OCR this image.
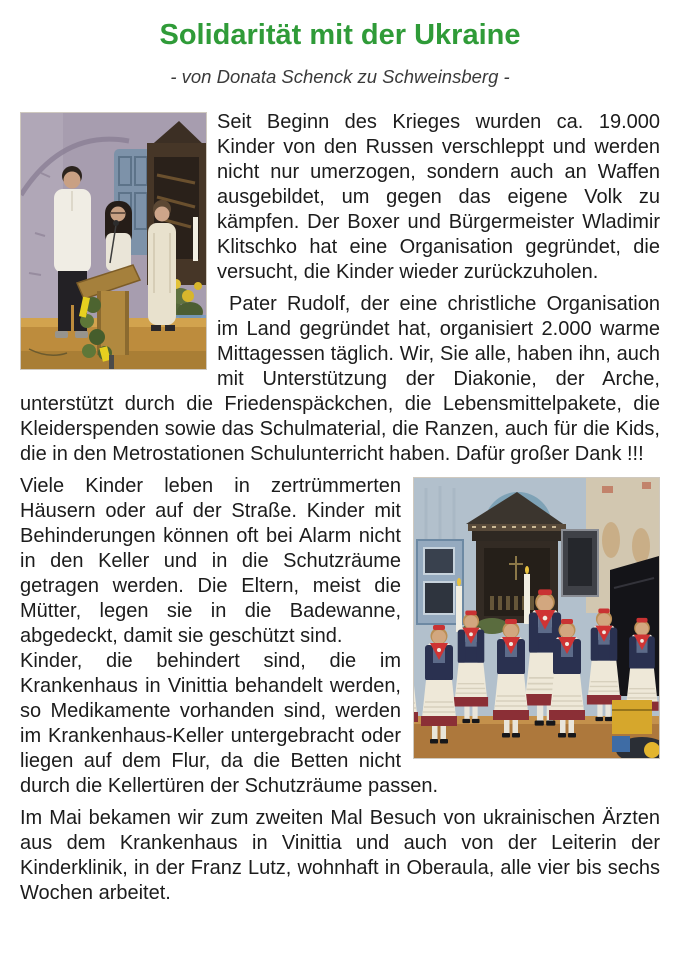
Solidarität mit der Ukraine
- von Donata Schenck zu Schweinsberg -

Seit Beginn des Krieges wurden ca. 19.000 Kinder von den Russen verschleppt und werden nicht nur umerzogen, sondern auch an Waffen ausgebildet, um gegen das eigene Volk zu kämpfen. Der Boxer und Bürgermeister Wladimir Klitschko hat eine Organisation gegründet, die versucht, die Kinder wieder zurückzuholen.

Pater Rudolf, der eine christliche Organisation im Land gegründet hat, organisiert 2.000 warme Mittagessen täglich. Wir, Sie alle, haben ihn, auch mit Unterstützung der Diakonie, der Arche, unterstützt durch die Friedenspäckchen, die Lebensmittelpakete, die Kleiderspenden sowie das Schulmaterial, die Ranzen, auch für die Kids, die in den Metrostationen Schulunterricht haben. Dafür großer Dank !!!

Viele Kinder leben in zertrümmerten Häusern oder auf der Straße. Kinder mit Behinderungen können oft bei Alarm nicht in den Keller und in die Schutzräume getragen werden. Die Eltern, meist die Mütter, legen sie in die Badewanne, abgedeckt, damit sie geschützt sind.

Kinder, die behindert sind, die im Krankenhaus in Vinittia behandelt werden, so Medikamente vorhanden sind, werden im Krankenhaus-Keller untergebracht oder liegen auf dem Flur, da die Betten nicht durch die Kellertüren der Schutzräume passen.

Im Mai bekamen wir zum zweiten Mal Besuch von ukrainischen Ärzten aus dem Krankenhaus in Vinittia und auch von der Leiterin der Kinderklinik, in der Franz Lutz, wohnhaft in Oberaula, alle vier bis sechs Wochen arbeitet.
